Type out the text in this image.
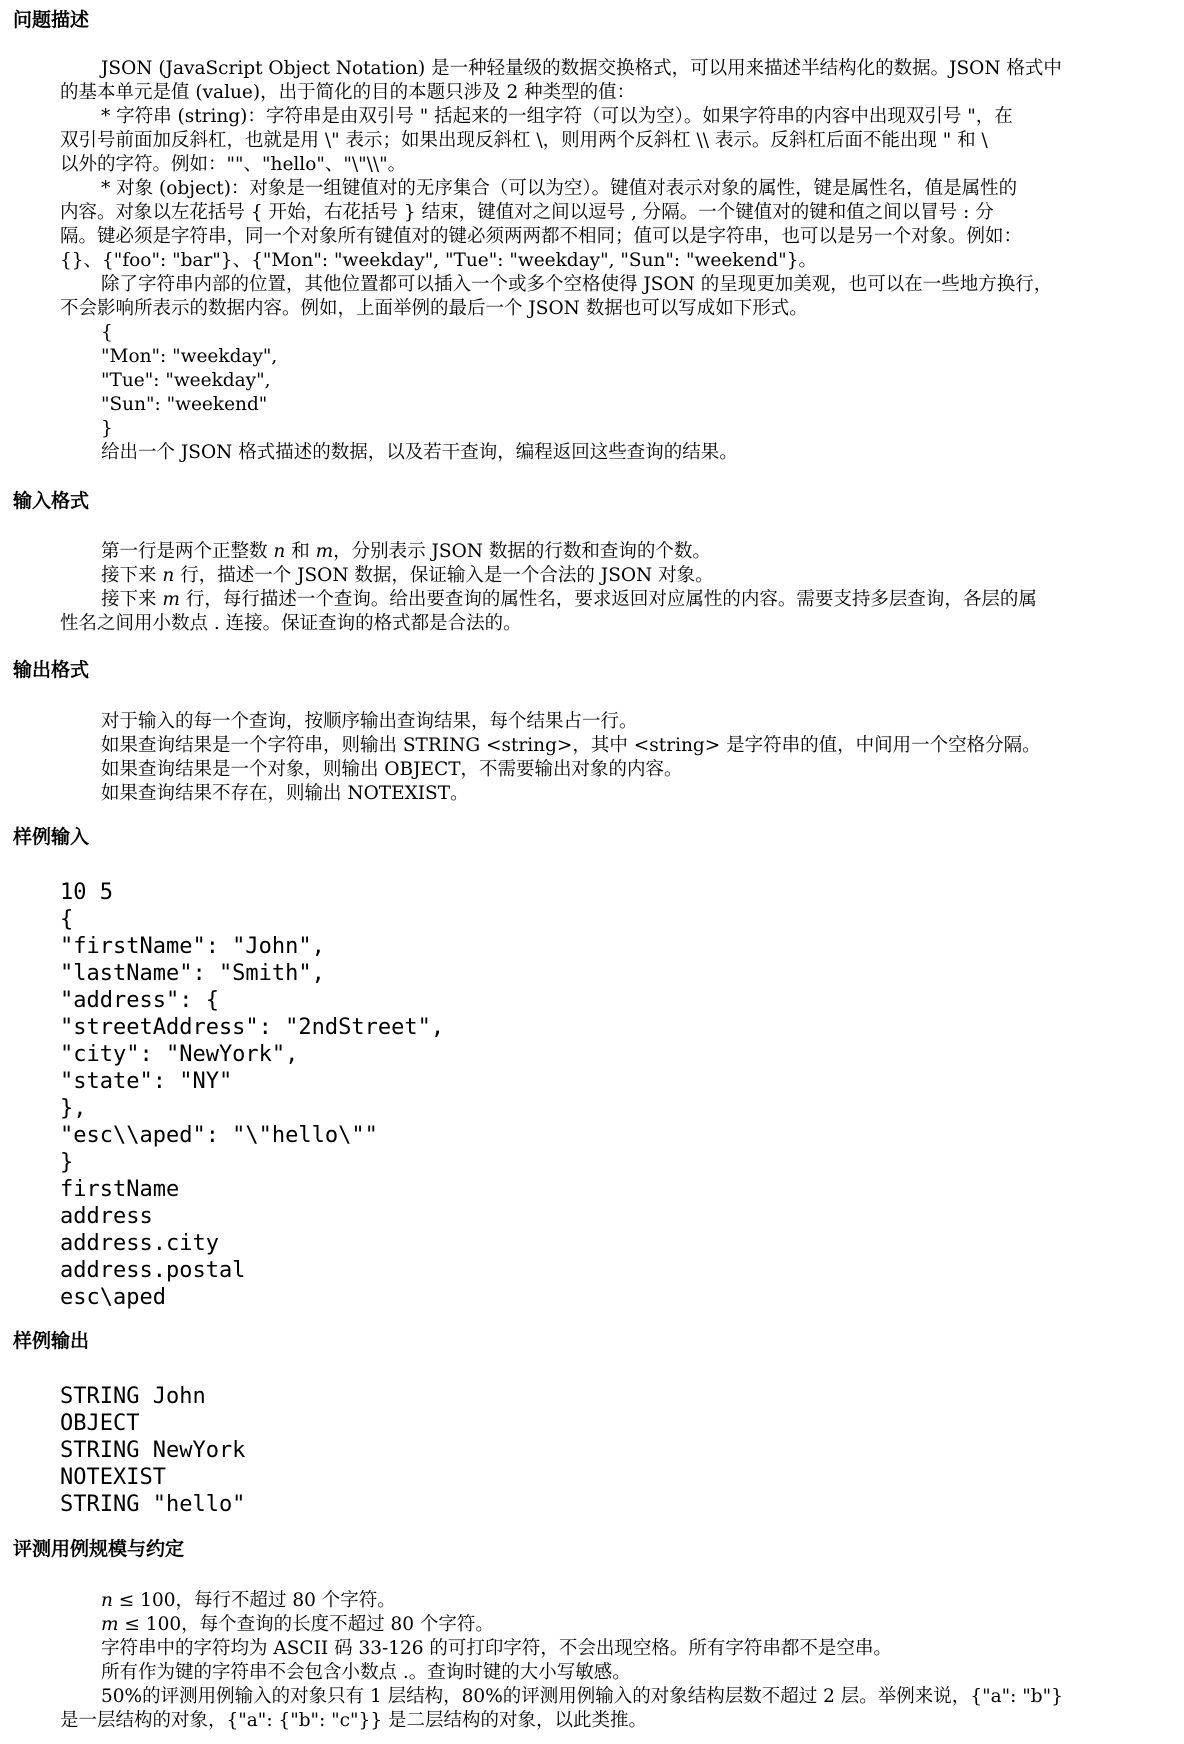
问题描述
JSON (JavaScript Object Notation) 是一种轻量级的数据交换格式，可以用来描述半结构化的数据。JSON 格式中
的基本单元是值 (value)，出于简化的目的本题只涉及 2 种类型的值：
* 字符串 (string)：字符串是由双引号 " 括起来的一组字符（可以为空）。如果字符串的内容中出现双引号 "，在
双引号前面加反斜杠，也就是用 \" 表示；如果出现反斜杠 \，则用两个反斜杠 \\ 表示。反斜杠后面不能出现 " 和 \
以外的字符。例如：""、"hello"、"\"\\"。
* 对象 (object)：对象是一组键值对的无序集合（可以为空）。键值对表示对象的属性，键是属性名，值是属性的
内容。对象以左花括号 { 开始，右花括号 } 结束，键值对之间以逗号 , 分隔。一个键值对的键和值之间以冒号 : 分
隔。键必须是字符串，同一个对象所有键值对的键必须两两都不相同；值可以是字符串，也可以是另一个对象。例如：
{}、{"foo": "bar"}、{"Mon": "weekday", "Tue": "weekday", "Sun": "weekend"}。
除了字符串内部的位置，其他位置都可以插入一个或多个空格使得 JSON 的呈现更加美观，也可以在一些地方换行，
不会影响所表示的数据内容。例如，上面举例的最后一个 JSON 数据也可以写成如下形式。
{
"Mon": "weekday",
"Tue": "weekday",
"Sun": "weekend"
}
给出一个 JSON 格式描述的数据，以及若干查询，编程返回这些查询的结果。
输入格式
第一行是两个正整数 n 和 m，分别表示 JSON 数据的行数和查询的个数。
接下来 n 行，描述一个 JSON 数据，保证输入是一个合法的 JSON 对象。
接下来 m 行，每行描述一个查询。给出要查询的属性名，要求返回对应属性的内容。需要支持多层查询，各层的属
性名之间用小数点 . 连接。保证查询的格式都是合法的。
输出格式
对于输入的每一个查询，按顺序输出查询结果，每个结果占一行。
如果查询结果是一个字符串，则输出 STRING <string>，其中 <string> 是字符串的值，中间用一个空格分隔。
如果查询结果是一个对象，则输出 OBJECT，不需要输出对象的内容。
如果查询结果不存在，则输出 NOTEXIST。
样例输入
10 5
{
"firstName": "John",
"lastName": "Smith",
"address": {
"streetAddress": "2ndStreet",
"city": "NewYork",
"state": "NY"
},
"esc\\aped": "\"hello\""
}
firstName
address
address.city
address.postal
esc\aped
样例输出
STRING John
OBJECT
STRING NewYork
NOTEXIST
STRING "hello"
评测用例规模与约定
n ≤ 100，每行不超过 80 个字符。
m ≤ 100，每个查询的长度不超过 80 个字符。
字符串中的字符均为 ASCII 码 33-126 的可打印字符，不会出现空格。所有字符串都不是空串。
所有作为键的字符串不会包含小数点 .。查询时键的大小写敏感。
50%的评测用例输入的对象只有 1 层结构，80%的评测用例输入的对象结构层数不超过 2 层。举例来说，{"a": "b"}
是一层结构的对象，{"a": {"b": "c"}} 是二层结构的对象，以此类推。
